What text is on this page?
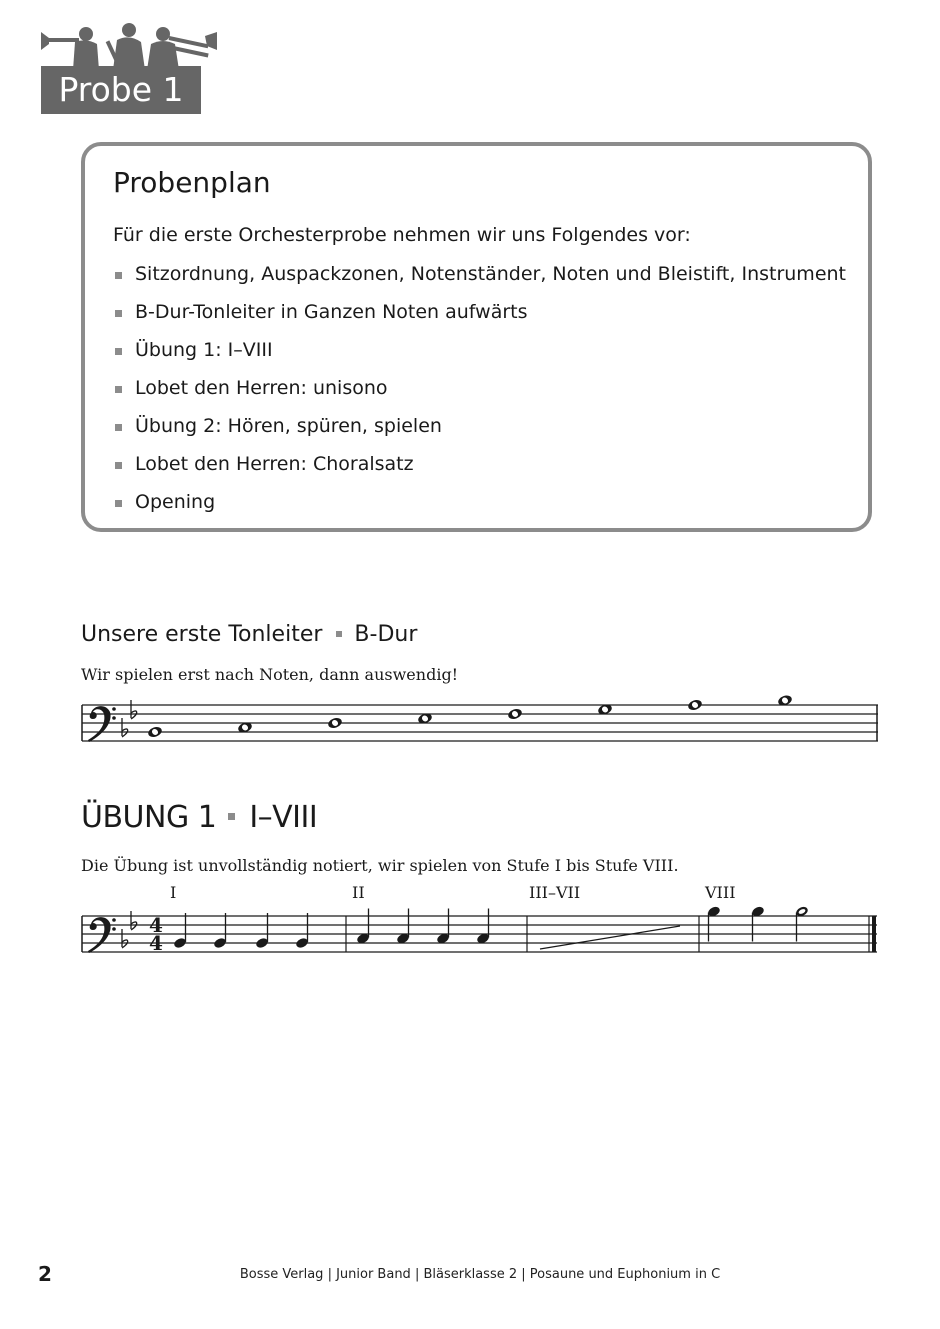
Probe 1
Probenplan
Für die erste Orchesterprobe nehmen wir uns Folgendes vor:
Sitzordnung, Auspackzonen, Notenständer, Noten und Bleistift, Instrument
B-Dur-Tonleiter in Ganzen Noten aufwärts
Übung 1: I–VIII
Lobet den Herren: unisono
Übung 2: Hören, spüren, spielen
Lobet den Herren: Choralsatz
Opening
Unsere erste Tonleiter B-Dur
Wir spielen erst nach Noten, dann auswendig!
ÜBUNG 1 I–VIII
Die Übung ist unvollständig notiert, wir spielen von Stufe I bis Stufe VIII.
I	II	III–VII	VIII
4
4
2	Bosse Verlag | Junior Band | Bläserklasse 2 | Posaune und Euphonium in C
